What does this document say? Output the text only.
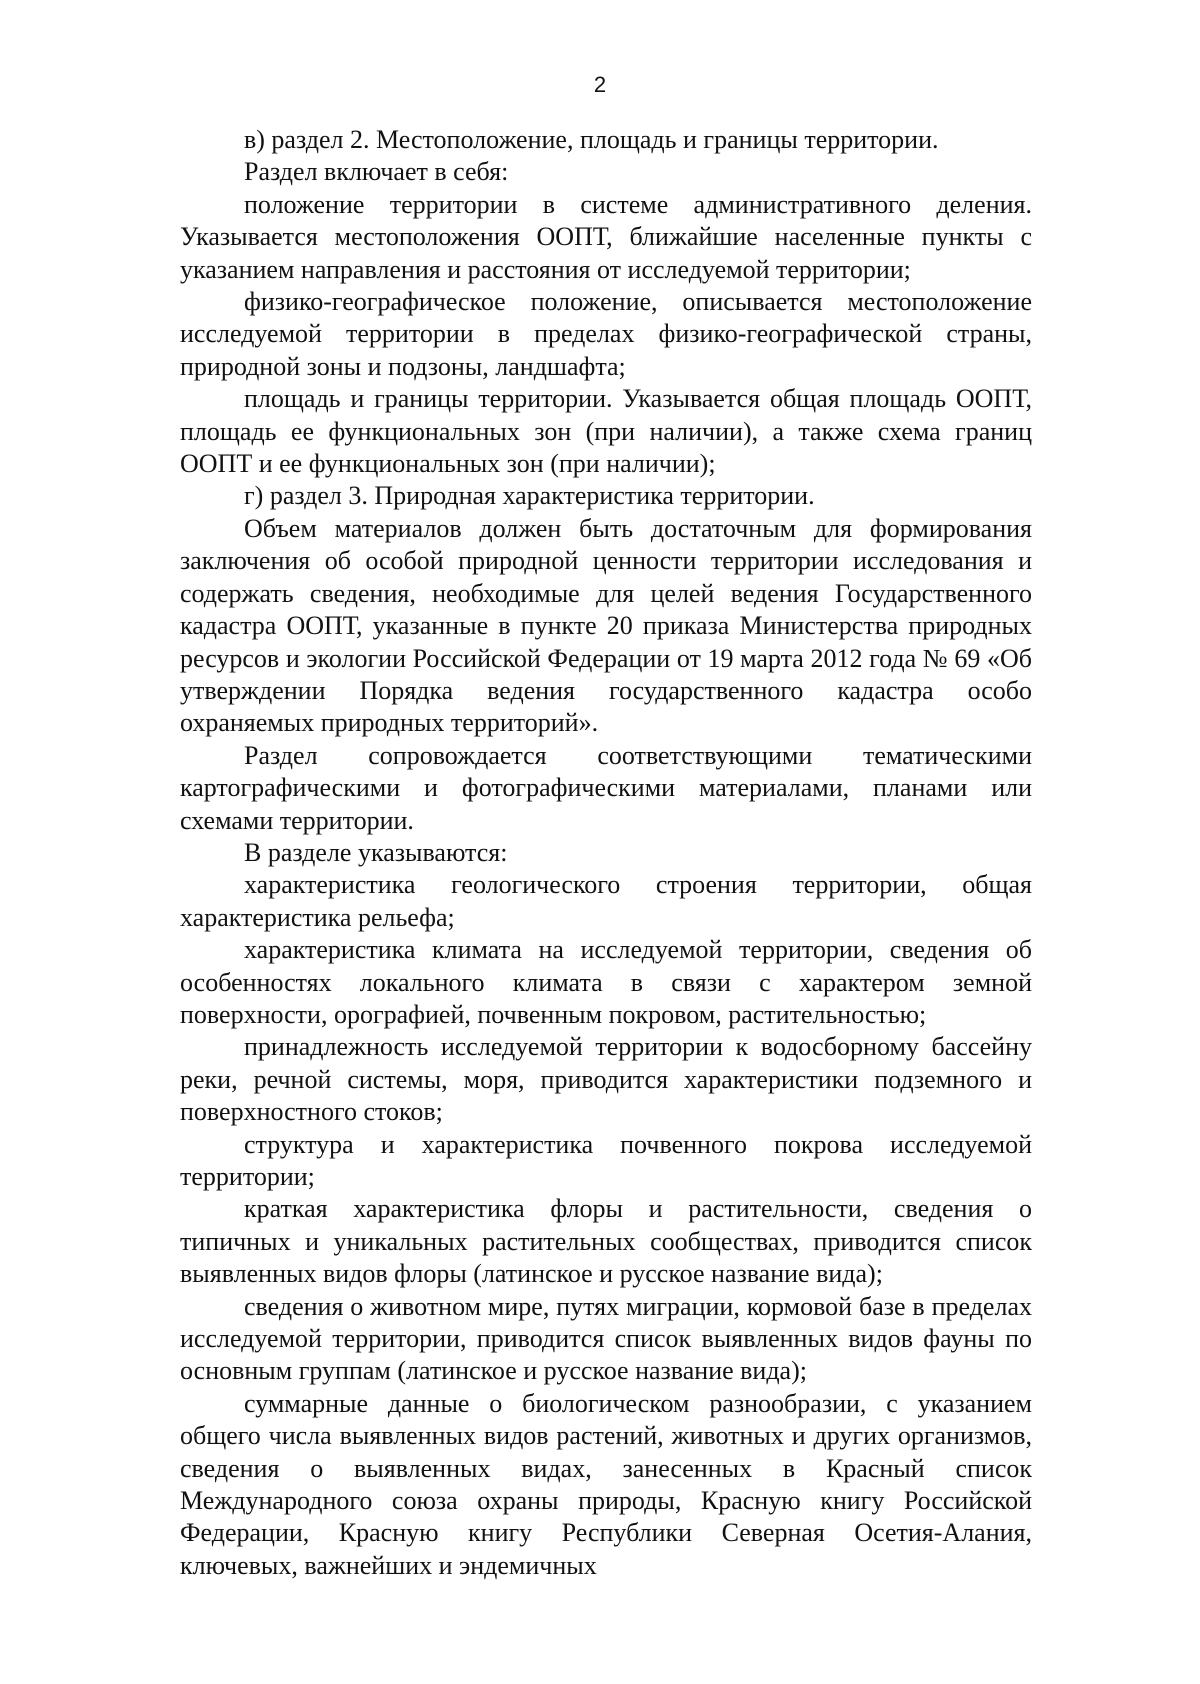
2

в) раздел 2. Местоположение, площадь и границы территории.

Раздел включает в себя:

положение территории в системе административного деления. Указывается местоположения ООПТ, ближайшие населенные пункты с указанием направления и расстояния от исследуемой территории;

физико-географическое положение, описывается местоположение исследуемой территории в пределах физико-географической страны, природной зоны и подзоны, ландшафта;

площадь и границы территории. Указывается общая площадь ООПТ, площадь ее функциональных зон (при наличии), а также схема границ ООПТ и ее функциональных зон (при наличии);

г) раздел 3. Природная характеристика территории.

Объем материалов должен быть достаточным для формирования заключения об особой природной ценности территории исследования и содержать сведения, необходимые для целей ведения Государственного кадастра ООПТ, указанные в пункте 20 приказа Министерства природных ресурсов и экологии Российской Федерации от 19 марта 2012 года № 69 «Об утверждении Порядка ведения государственного кадастра особо охраняемых природных территорий».

Раздел сопровождается соответствующими тематическими картографическими и фотографическими материалами, планами или схемами территории.

В разделе указываются:

характеристика геологического строения территории, общая характеристика рельефа;

характеристика климата на исследуемой территории, сведения об особенностях локального климата в связи с характером земной поверхности, орографией, почвенным покровом, растительностью;

принадлежность исследуемой территории к водосборному бассейну реки, речной системы, моря, приводится характеристики подземного и поверхностного стоков;

структура и характеристика почвенного покрова исследуемой территории;

краткая характеристика флоры и растительности, сведения о типичных и уникальных растительных сообществах, приводится список выявленных видов флоры (латинское и русское название вида);

сведения о животном мире, путях миграции, кормовой базе в пределах исследуемой территории, приводится список выявленных видов фауны по основным группам (латинское и русское название вида);

суммарные данные о биологическом разнообразии, с указанием общего числа выявленных видов растений, животных и других организмов, сведения о выявленных видах, занесенных в Красный список Международного союза охраны природы, Красную книгу Российской Федерации, Красную книгу Республики Северная Осетия-Алания, ключевых, важнейших и эндемичных
